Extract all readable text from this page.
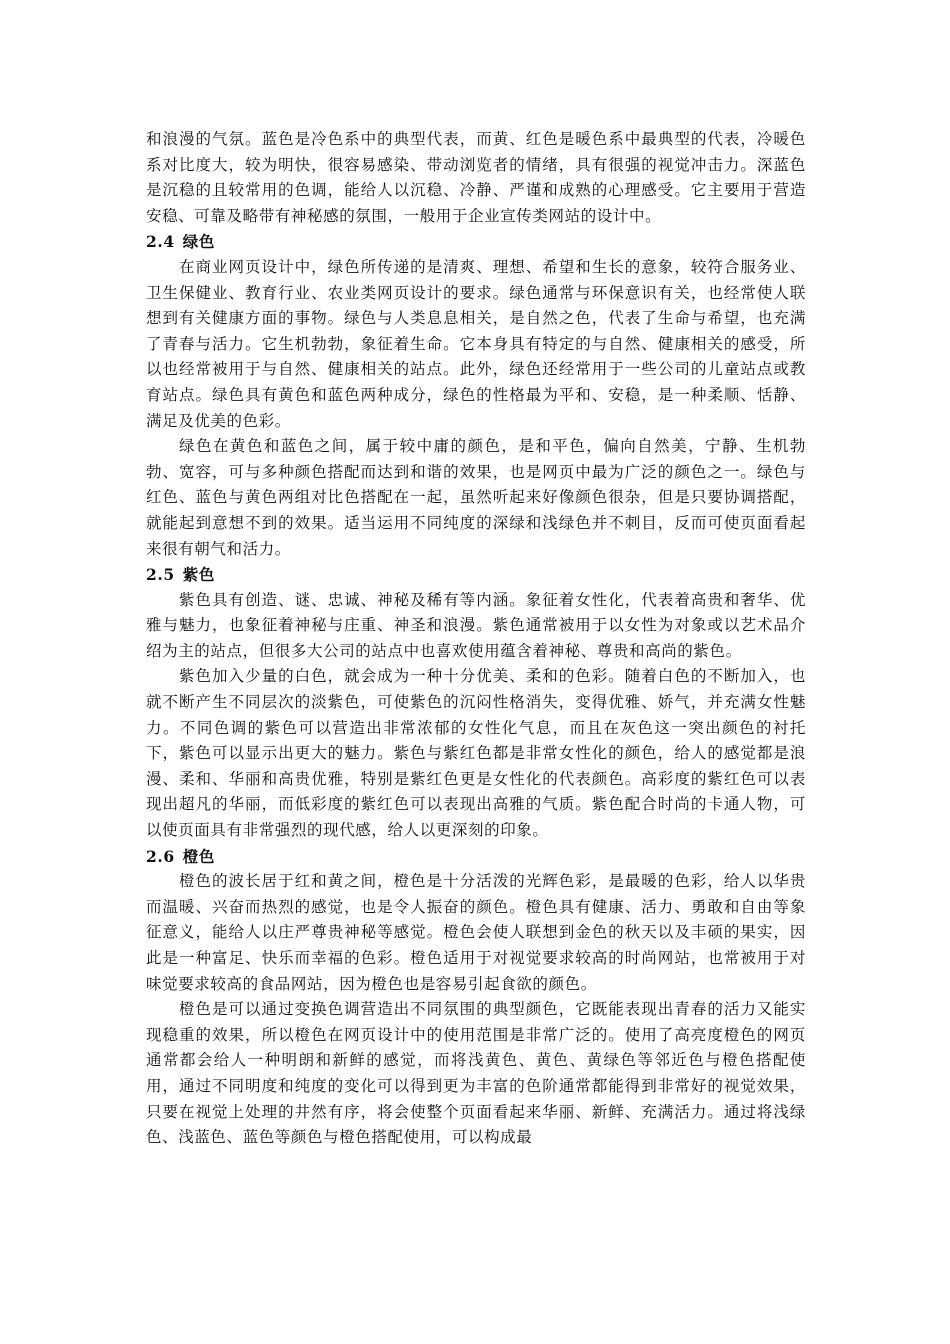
和浪漫的气氛。蓝色是冷色系中的典型代表，而黄、红色是暖色系中最典型的代表，冷暖色系对比度大，较为明快，很容易感染、带动浏览者的情绪，具有很强的视觉冲击力。深蓝色是沉稳的且较常用的色调，能给人以沉稳、冷静、严谨和成熟的心理感受。它主要用于营造安稳、可靠及略带有神秘感的氛围，一般用于企业宣传类网站的设计中。

2.4 绿色

在商业网页设计中，绿色所传递的是清爽、理想、希望和生长的意象，较符合服务业、卫生保健业、教育行业、农业类网页设计的要求。绿色通常与环保意识有关，也经常使人联想到有关健康方面的事物。绿色与人类息息相关，是自然之色，代表了生命与希望，也充满了青春与活力。它生机勃勃，象征着生命。它本身具有特定的与自然、健康相关的感受，所以也经常被用于与自然、健康相关的站点。此外，绿色还经常用于一些公司的儿童站点或教育站点。绿色具有黄色和蓝色两种成分，绿色的性格最为平和、安稳，是一种柔顺、恬静、满足及优美的色彩。

绿色在黄色和蓝色之间，属于较中庸的颜色，是和平色，偏向自然美，宁静、生机勃勃、宽容，可与多种颜色搭配而达到和谐的效果，也是网页中最为广泛的颜色之一。绿色与红色、蓝色与黄色两组对比色搭配在一起，虽然听起来好像颜色很杂，但是只要协调搭配，就能起到意想不到的效果。适当运用不同纯度的深绿和浅绿色并不刺目，反而可使页面看起来很有朝气和活力。

2.5 紫色

紫色具有创造、谜、忠诚、神秘及稀有等内涵。象征着女性化，代表着高贵和奢华、优雅与魅力，也象征着神秘与庄重、神圣和浪漫。紫色通常被用于以女性为对象或以艺术品介绍为主的站点，但很多大公司的站点中也喜欢使用蕴含着神秘、尊贵和高尚的紫色。

紫色加入少量的白色，就会成为一种十分优美、柔和的色彩。随着白色的不断加入，也就不断产生不同层次的淡紫色，可使紫色的沉闷性格消失，变得优雅、娇气，并充满女性魅力。不同色调的紫色可以营造出非常浓郁的女性化气息，而且在灰色这一突出颜色的衬托下，紫色可以显示出更大的魅力。紫色与紫红色都是非常女性化的颜色，给人的感觉都是浪漫、柔和、华丽和高贵优雅，特别是紫红色更是女性化的代表颜色。高彩度的紫红色可以表现出超凡的华丽，而低彩度的紫红色可以表现出高雅的气质。紫色配合时尚的卡通人物，可以使页面具有非常强烈的现代感，给人以更深刻的印象。

2.6 橙色

橙色的波长居于红和黄之间，橙色是十分活泼的光辉色彩，是最暖的色彩，给人以华贵而温暖、兴奋而热烈的感觉，也是令人振奋的颜色。橙色具有健康、活力、勇敢和自由等象征意义，能给人以庄严尊贵神秘等感觉。橙色会使人联想到金色的秋天以及丰硕的果实，因此是一种富足、快乐而幸福的色彩。橙色适用于对视觉要求较高的时尚网站，也常被用于对 味觉要求较高的食品网站，因为橙色也是容易引起食欲的颜色。

橙色是可以通过变换色调营造出不同氛围的典型颜色，它既能表现出青春的活力又能实现稳重的效果，所以橙色在网页设计中的使用范围是非常广泛的。使用了高亮度橙色的网页通常都会给人一种明朗和新鲜的感觉，而将浅黄色、黄色、黄绿色等邻近色与橙色搭配使用，通过不同明度和纯度的变化可以得到更为丰富的色阶通常都能得到非常好的视觉效果，只要在视觉上处理的井然有序，将会使整个页面看起来华丽、新鲜、充满活力。通过将浅绿色、浅蓝色、蓝色等颜色与橙色搭配使用，可以构成最
